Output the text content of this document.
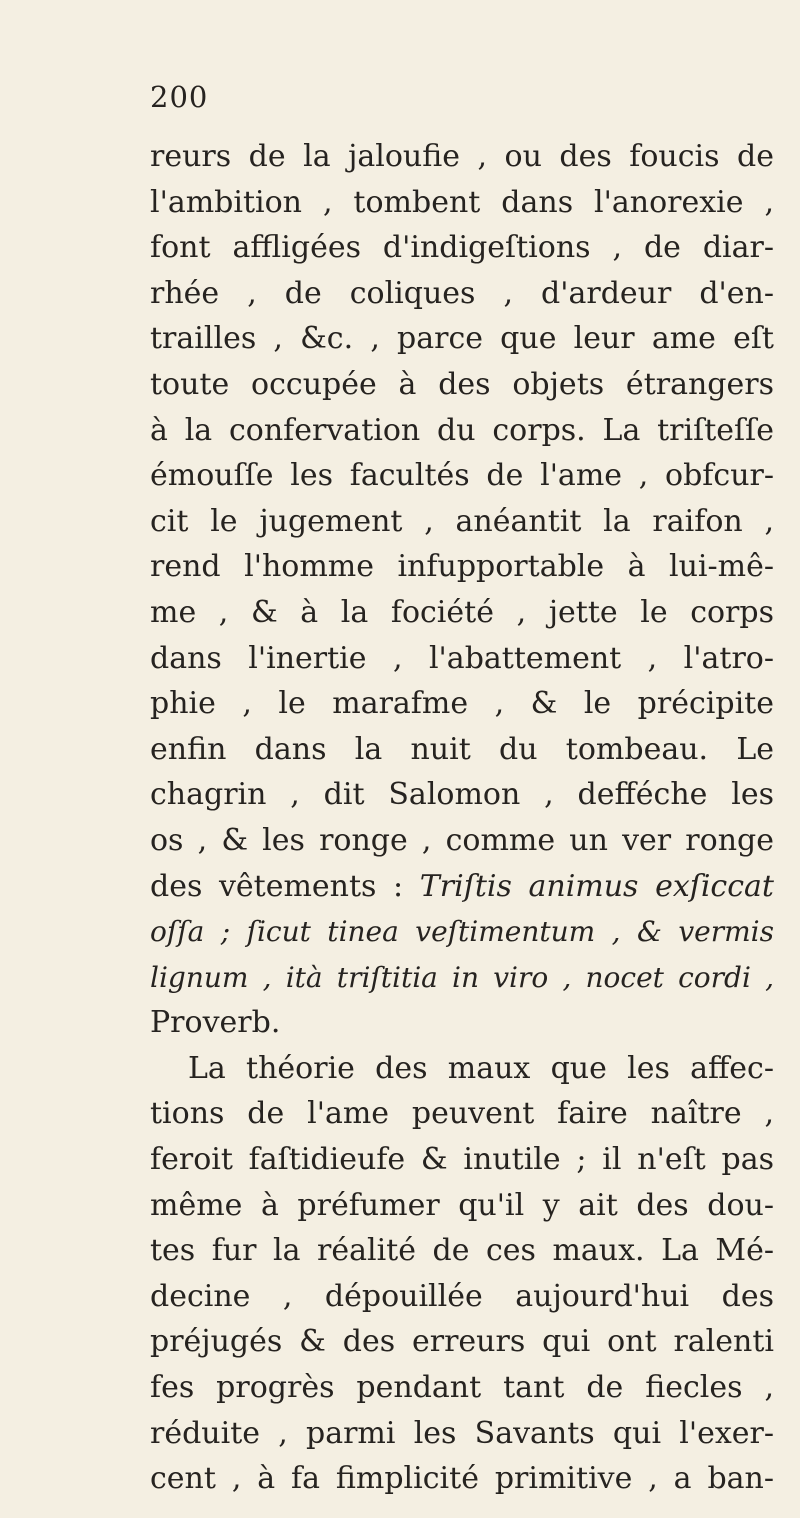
200
reurs de la jaloufie , ou des foucis de
l'ambition , tombent dans l'anorexie ,
font affligées d'indigeſtions , de diar-
rhée , de coliques , d'ardeur d'en-
trailles , &c. , parce que leur ame eſt
toute occupée à des objets étrangers
à la confervation du corps. La triſteſſe
émouſſe les facultés de l'ame , obfcur-
cit le jugement , anéantit la raifon ,
rend l'homme infupportable à lui-mê-
me , & à la fociété , jette le corps
dans l'inertie , l'abattement , l'atro-
phie , le marafme , & le précipite
enfin dans la nuit du tombeau. Le
chagrin , dit Salomon , defféche les
os , & les ronge , comme un ver ronge
des vêtements : Triſtis animus exſiccat
oſſa ; ſicut tinea veſtimentum , & vermis
lignum , ità triſtitia in viro , nocet cordi ,
Proverb.
La théorie des maux que les affec-
tions de l'ame peuvent faire naître ,
feroit faſtidieufe & inutile ; il n'eſt pas
même à préfumer qu'il y ait des dou-
tes fur la réalité de ces maux. La Mé-
decine , dépouillée aujourd'hui des
préjugés & des erreurs qui ont ralenti
fes progrès pendant tant de fiecles ,
réduite , parmi les Savants qui l'exer-
cent , à fa fimplicité primitive , a ban-
